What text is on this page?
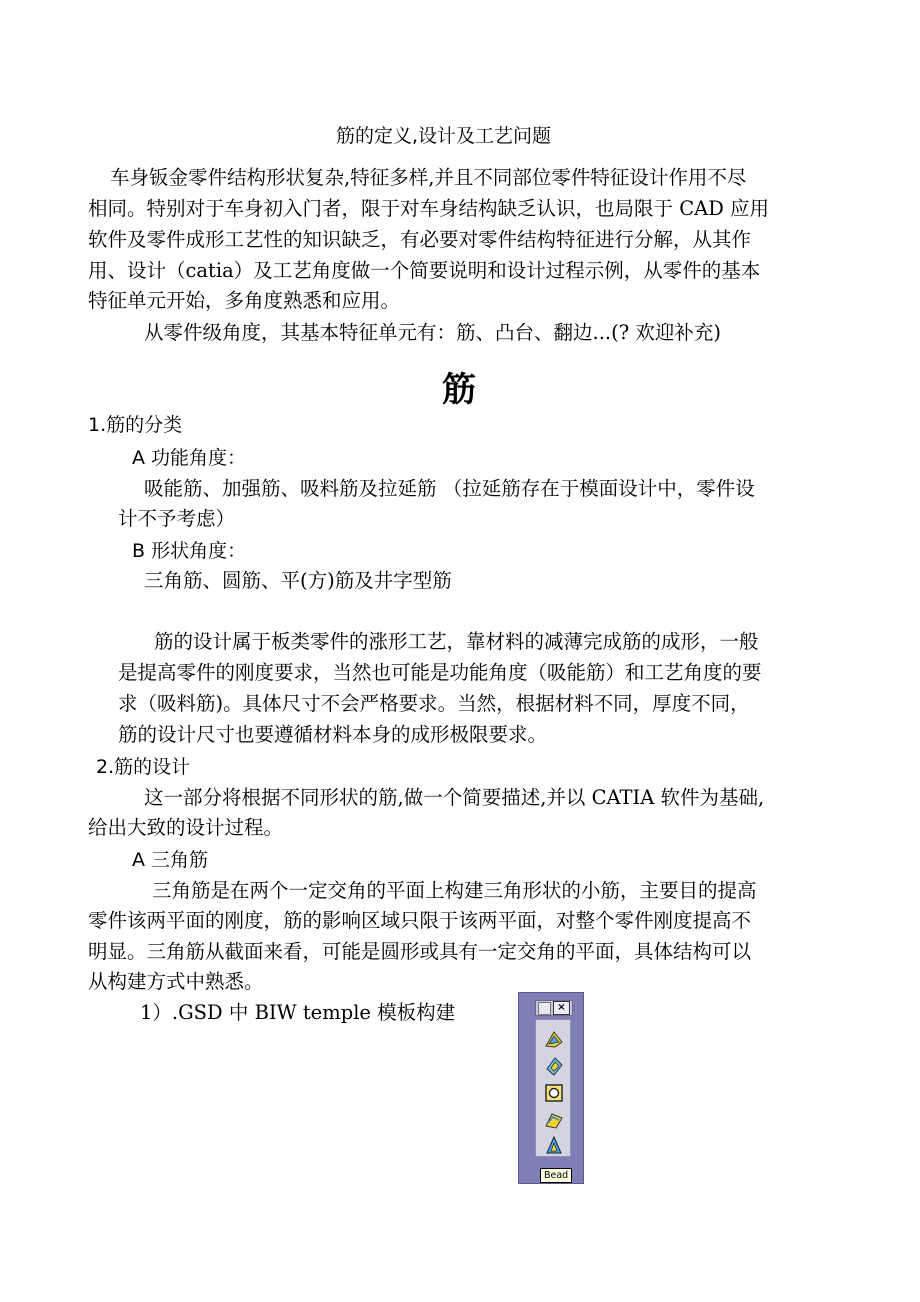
筋的定义,设计及工艺问题
车身钣金零件结构形状复杂,特征多样,并且不同部位零件特征设计作用不尽
相同。特别对于车身初入门者，限于对车身结构缺乏认识，也局限于 CAD 应用
软件及零件成形工艺性的知识缺乏，有必要对零件结构特征进行分解，从其作
用、设计（catia）及工艺角度做一个简要说明和设计过程示例，从零件的基本
特征单元开始，多角度熟悉和应用。
从零件级角度，其基本特征单元有：筋、凸台、翻边...(? 欢迎补充)
筋
1.筋的分类
A 功能角度：
吸能筋、加强筋、吸料筋及拉延筋 （拉延筋存在于模面设计中，零件设
计不予考虑）
B 形状角度：
三角筋、圆筋、平(方)筋及井字型筋
筋的设计属于板类零件的涨形工艺，靠材料的减薄完成筋的成形，一般
是提高零件的刚度要求，当然也可能是功能角度（吸能筋）和工艺角度的要
求（吸料筋)。具体尺寸不会严格要求。当然，根据材料不同，厚度不同，
筋的设计尺寸也要遵循材料本身的成形极限要求。
2.筋的设计
这一部分将根据不同形状的筋,做一个简要描述,并以 CATIA 软件为基础,
给出大致的设计过程。
A 三角筋
三角筋是在两个一定交角的平面上构建三角形状的小筋，主要目的提高
零件该两平面的刚度，筋的影响区域只限于该两平面，对整个零件刚度提高不
明显。三角筋从截面来看，可能是圆形或具有一定交角的平面，具体结构可以
从构建方式中熟悉。
1）.GSD 中 BIW temple 模板构建	×
Bead
